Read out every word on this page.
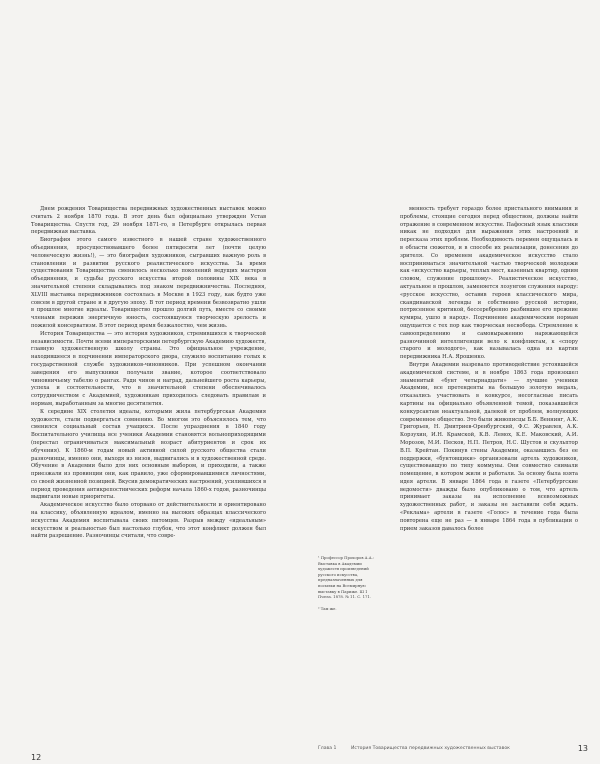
Днем рождения Товарищества передвижных художественных выставок можно считать 2 ноября 1870 года. В этот день был официально утвержден Устав Товарищества. Спустя год, 29 ноября 1871-го, в Петербурге открылась первая передвижная выставка.

Биография этого самого известного в нашей стране художественного объединения, просуществовавшего более пятидесяти лет (почти целую человеческую жизнь!), — это биография художников, сыгравших важную роль в становлении и развитии русского реалистического искусства. За время существования Товарищества сменилось несколько поколений ведущих мастеров объединения, и судьбы русского искусства второй половины XIX века в значительной степени складывались под знаком передвижничества. Последняя, XLVIII выставка передвижников состоялась в Москве в 1923 году, как будто уже совсем в другой стране и в другую эпоху. В тот период времени безвозвратно ушли в прошлое многие идеалы. Товарищество прошло долгий путь, вместе со своими членами пережив энергичную юность, состоявшуюся творческую зрелость и пожилой консерватизм. В этот период время безжалостно, чем жизнь.

История Товарищества — это история художников, стремившихся к творческой независимости. Почти всеми императорскими петербургскую Академию художеств, главную художественную школу страны. Это официальное учреждение, находившееся в подчинении императорского двора, служило воспитанию голых к государственной службе художников-чиновников. При успешном окончании заведения его выпускники получали звание, которое соответствовало чиновничьему табелю о рангах. Ради чинов и наград, дальнейшего роста карьеры, успеха и состоятельности, что в значительной степени обеспечивалось сотрудничеством с Академией, художникам приходилось следовать правилам и нормам, выработанным за многие десятилетия.

К середине XIX столетия идеалы, которыми жила петербургская Академия художеств, стали подвергаться сомнению. Во многом это объяснялось тем, что сменился социальный состав учащихся. После упразднения в 1840 году Воспитательного училища все ученики Академии становятся вольноприходящими (перестал ограничиваться максимальный возраст абитуриентов и срок их обучения). К 1860-м годам новый активной силой русского общества стали разночинцы, именно они, выходя из низов, выдвигались и в художественной среде. Обучение в Академии было для них основным выбором, и приходили, а также приезжали из провинции они, как правило, уже сформировавшимися личностями, со своей жизненной позицией. Вкусив демократических настроений, усилившихся в период проведения антикрепостнических реформ начала 1860-х годов, разночинцы выдвигали новые приоритеты.

Академическое искусство было оторвано от действительности и ориентировано на классику, объявленную идеалом, именно на высоких образцах классического искусства Академия воспитывала своих питомцев. Разрыв между «идеальным» искусством и реальностью был настолько глубок, что этот конфликт должен был найти разрешение. Разночинцы считали, что совре-

12

¹ Профессор Прохоров А.А.: Выставка в Академии художеств произведений русского искусства, предназначенных для посылки на Всемирную выставку в Париже. Ш 1 Пчела. 1878. № 11. С. 171.

² Там же.

менность требует гораздо более пристального внимания и проблемы, стоящие сегодня перед обществом, должны найти отражение в современном искусстве. Пафосный язык классики никак не подходил для выражения этих настроений и пересказа этих проблем. Необходимость перемен ощущалась и в области сюжетов, и в способе их реализации, донесения до зрителя. Со временем академическое искусство стало восприниматься значительной частью творческой молодежи как «искусство карьеры, теплых мест, казенных квартир, одним словом, служение прошлому». Реалистическое искусство, актуальное в прошлом, заменяется лозунгом служения народу: «русское искусство, оставив героев классического мира, скандинавской легенды и собственно русской истории, потрясенное критикой, бессеребренно разбившее его прежние кумиры, ушло в народ». Подчинение академическим нормам ощущается с тех пор как творческая несвобода. Стремление к самоопределению и самовыражению наряжающейся разночинной интеллигенции вело к конфликтам, к «спору старого и молодого», как называлась одна из картин передвижника Н.А. Ярошенко.

Внутри Академии назревало противодействие устоявшейся академической системе, и в ноябре 1863 года произошел знаменитый «бунт четырнадцати» — лучшие ученики Академии, все претенденты на большую золотую медаль, отказались участвовать в конкурсе, несогласные писать картины на официально объявленной темой, показавшейся конкурсантам неактуальной, далекой от проблем, волнующих современное общество. Это были живописцы Б.Б. Веннинг, А.К. Григорьев, Н. Дмитриев-Оренбургский, Ф.С. Журавлев, А.К. Корзухин, И.Н. Крамской, К.В. Лемох, К.Е. Маковский, А.И. Морозов, М.И. Песков, Н.П. Петров, Н.С. Шустов и скульптор В.П. Крейтан. Покинув стены Академии, оказавшись без ее поддержки, «бунтовщики» организовали артель художников, существовавшую по типу коммуны. Они совместно снимали помещение, в котором жили и работали. За основу была взята идея артели. В январе 1864 года в газете «Петербургские ведомости» дважды было опубликовано о том, что артель принимает заказы на исполнение всевозможных художественных работ, и заказы не заставили себя ждать. «Реклама» артели в газете «Голос» в течение года была повторена еще не раз — в январе 1864 года в публикации о прием заказов давалось более

Глава 1	История Товарищества передвижных художественных выставок	13
